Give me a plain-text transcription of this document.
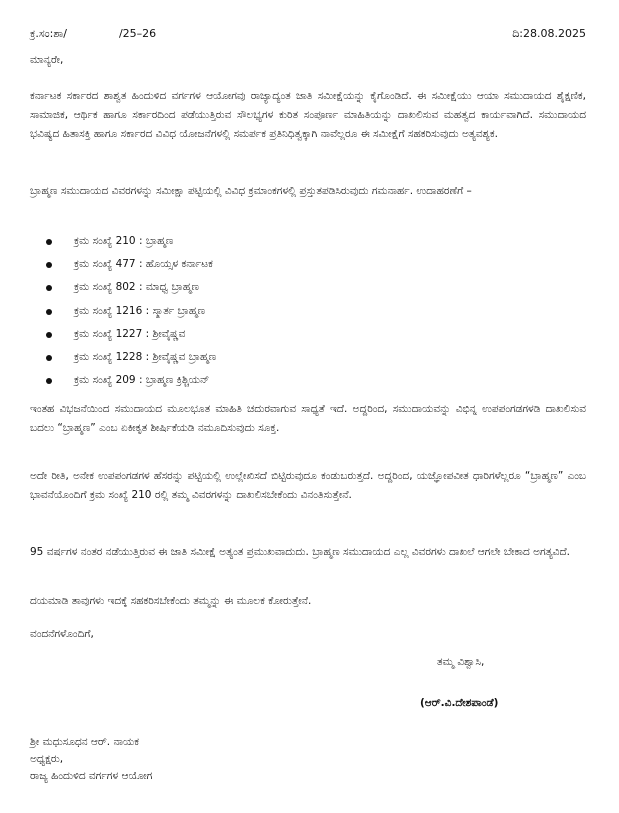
ಕ್ರ.ಸಂ:ಶಾ/	/25–26	ದಿ:28.08.2025
ಮಾನ್ಯರೇ,

ಕರ್ನಾಟಕ ಸರ್ಕಾರದ ಶಾಶ್ವತ ಹಿಂದುಳಿದ ವರ್ಗಗಳ ಆಯೋಗವು ರಾಜ್ಯಾದ್ಯಂತ ಜಾತಿ ಸಮೀಕ್ಷೆಯನ್ನು ಕೈಗೊಂಡಿದೆ. ಈ ಸಮೀಕ್ಷೆಯು ಆಯಾ ಸಮುದಾಯದ ಶೈಕ್ಷಣಿಕ, ಸಾಮಾಜಿಕ, ಆರ್ಥಿಕ ಹಾಗೂ ಸರ್ಕಾರದಿಂದ ಪಡೆಯುತ್ತಿರುವ ಸೌಲಭ್ಯಗಳ ಕುರಿತ ಸಂಪೂರ್ಣ ಮಾಹಿತಿಯನ್ನು ದಾಖಲಿಸುವ ಮಹತ್ವದ ಕಾರ್ಯವಾಗಿದೆ. ಸಮುದಾಯದ ಭವಿಷ್ಯದ ಹಿತಾಸಕ್ತಿ ಹಾಗೂ ಸರ್ಕಾರದ ವಿವಿಧ ಯೋಜನೆಗಳಲ್ಲಿ ಸಮರ್ಪಕ ಪ್ರತಿನಿಧಿತ್ವಕ್ಕಾಗಿ ನಾವೆಲ್ಲರೂ ಈ ಸಮೀಕ್ಷೆಗೆ ಸಹಕರಿಸುವುದು ಅತ್ಯವಶ್ಯಕ.

ಬ್ರಾಹ್ಮಣ ಸಮುದಾಯದ ವಿವರಗಳನ್ನು ಸಮೀಕ್ಷಾ ಪಟ್ಟಿಯಲ್ಲಿ ವಿವಿಧ ಕ್ರಮಾಂಕಗಳಲ್ಲಿ ಪ್ರಸ್ತುತಪಡಿಸಿರುವುದು ಗಮನಾರ್ಹ. ಉದಾಹರಣೆಗೆ –

ಕ್ರಮ ಸಂಖ್ಯೆ 210 : ಬ್ರಾಹ್ಮಣ
ಕ್ರಮ ಸಂಖ್ಯೆ 477 : ಹೊಯ್ಸಳ ಕರ್ನಾಟಕ
ಕ್ರಮ ಸಂಖ್ಯೆ 802 : ಮಾಧ್ವ ಬ್ರಾಹ್ಮಣ
ಕ್ರಮ ಸಂಖ್ಯೆ 1216 : ಸ್ಮಾರ್ತ ಬ್ರಾಹ್ಮಣ
ಕ್ರಮ ಸಂಖ್ಯೆ 1227 : ಶ್ರೀವೈಷ್ಣವ
ಕ್ರಮ ಸಂಖ್ಯೆ 1228 : ಶ್ರೀವೈಷ್ಣವ ಬ್ರಾಹ್ಮಣ
ಕ್ರಮ ಸಂಖ್ಯೆ 209 : ಬ್ರಾಹ್ಮಣ ಕ್ರಿಶ್ಚಿಯನ್

ಇಂತಹ ವಿಭಜನೆಯಿಂದ ಸಮುದಾಯದ ಮೂಲಭೂತ ಮಾಹಿತಿ ಚದುರವಾಗುವ ಸಾಧ್ಯತೆ ಇದೆ. ಅದ್ದರಿಂದ, ಸಮುದಾಯವನ್ನು ವಿಭಿನ್ನ ಉಪಪಂಗಡಗಳಡಿ ದಾಖಲಿಸುವ ಬದಲು “ಬ್ರಾಹ್ಮಣ” ಎಂಬ ಏಕೀಕೃತ ಶೀರ್ಷಿಕೆಯಡಿ ನಮೂದಿಸುವುದು ಸೂಕ್ತ.

ಅದೇ ರೀತಿ, ಅನೇಕ ಉಪಪಂಗಡಗಳ ಹೆಸರನ್ನು ಪಟ್ಟಿಯಲ್ಲಿ ಉಲ್ಲೇಖಿಸದೆ ಬಿಟ್ಟಿರುವುದೂ ಕಂಡುಬರುತ್ತದೆ. ಅದ್ದರಿಂದ, ಯಜ್ಞೋಪವೀತ ಧಾರಿಗಳೆಲ್ಲರೂ “ಬ್ರಾಹ್ಮಣ” ಎಂಬ ಭಾವನೆಯೊಂದಿಗೆ ಕ್ರಮ ಸಂಖ್ಯೆ 210 ರಲ್ಲಿ ತಮ್ಮ ವಿವರಗಳನ್ನು ದಾಖಲಿಸಬೇಕೆಂದು ವಿನಂತಿಸುತ್ತೇನೆ.

95 ವರ್ಷಗಳ ನಂತರ ನಡೆಯುತ್ತಿರುವ ಈ ಜಾತಿ ಸಮೀಕ್ಷೆ ಅತ್ಯಂತ ಪ್ರಮುಖವಾದುದು. ಬ್ರಾಹ್ಮಣ ಸಮುದಾಯದ ಎಲ್ಲ ವಿವರಗಳು ದಾಖಲೆ ಆಗಲೇ ಬೇಕಾದ ಅಗತ್ಯವಿದೆ.

ದಯಮಾಡಿ ತಾವುಗಳು ಇದಕ್ಕೆ ಸಹಕರಿಸಬೇಕೆಂದು ತಮ್ಮನ್ನು ಈ ಮೂಲಕ ಕೋರುತ್ತೇನೆ.

ವಂದನೆಗಳೊಂದಿಗೆ,
ತಮ್ಮ ವಿಶ್ವಾಸಿ,
(ಆರ್.ವಿ.ದೇಶಪಾಂಡೆ)
ಶ್ರೀ ಮಧುಸೂಧನ ಆರ್. ನಾಯಕ
ಅಧ್ಯಕ್ಷರು,
ರಾಜ್ಯ ಹಿಂದುಳಿದ ವರ್ಗಗಳ ಆಯೋಗ
